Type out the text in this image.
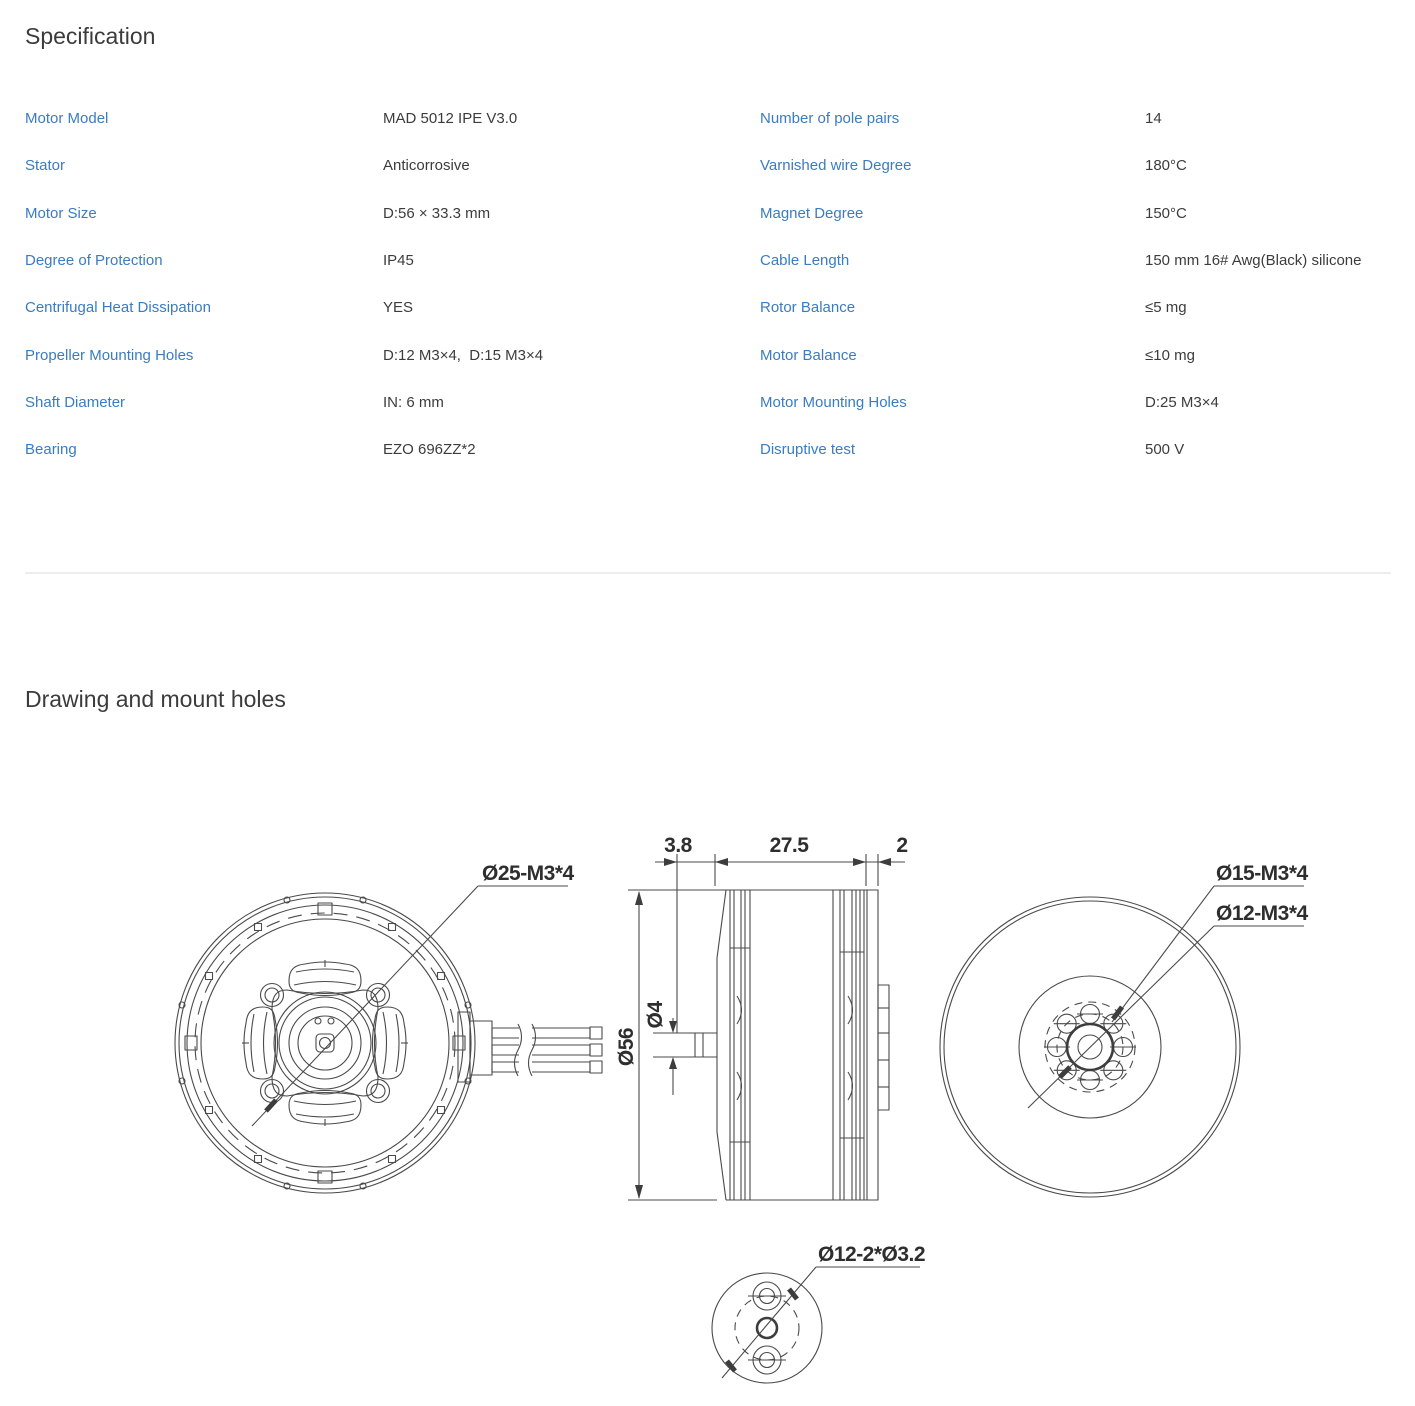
Specification
Motor Model	MAD 5012 IPE V3.0	Number of pole pairs	14
Stator	Anticorrosive	Varnished wire Degree	180°C
Motor Size	D:56 × 33.3 mm	Magnet Degree	150°C
Degree of Protection	IP45	Cable Length	150 mm 16# Awg(Black) silicone
Centrifugal Heat Dissipation	YES	Rotor Balance	≤5 mg
Propeller Mounting Holes	D:12 M3×4,  D:15 M3×4	Motor Balance	≤10 mg
Shaft Diameter	IN: 6 mm	Motor Mounting Holes	D:25 M3×4
Bearing	EZO 696ZZ*2	Disruptive test	500 V
Drawing and mount holes
Ø25-M3*4
Ø56
Ø4
3.8	27.5	2
Ø15-M3*4
Ø12-M3*4
Ø12-2*Ø3.2
